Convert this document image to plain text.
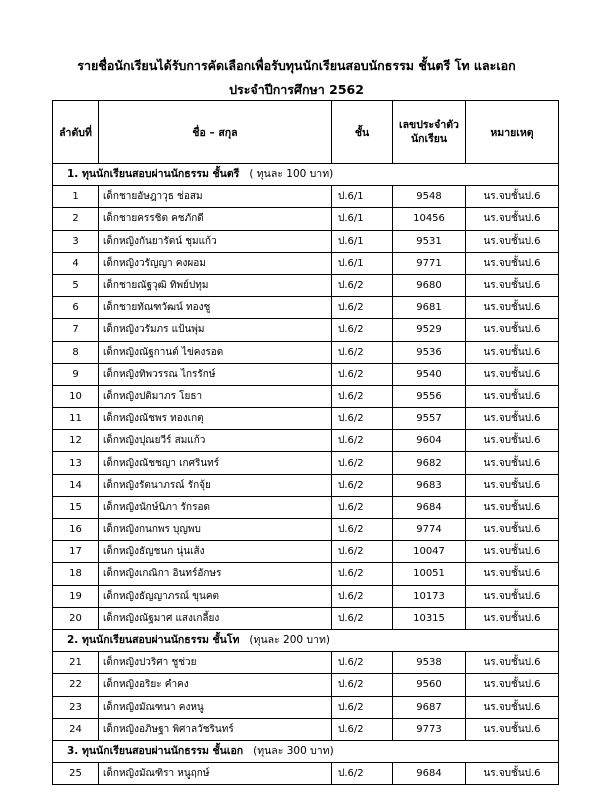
รายชื่อนักเรียนได้รับการคัดเลือกเพื่อรับทุนนักเรียนสอบนักธรรม ชั้นตรี โท และเอก
ประจำปีการศึกษา 2562
ลำดับที่	ชื่อ – สกุล	ชั้น	เลขประจำตัวนักเรียน	หมายเหตุ
1. ทุนนักเรียนสอบผ่านนักธรรม ชั้นตรี ( ทุนละ 100 บาท)				
1	เด็กชายอัษฎาวุธ ช่อสม	ป.6/1	9548	นร.จบชั้นป.6
2	เด็กชายครรชิต คชภักดี	ป.6/1	10456	นร.จบชั้นป.6
3	เด็กหญิงกันยารัตน์ ชุมแก้ว	ป.6/1	9531	นร.จบชั้นป.6
4	เด็กหญิงวรัญญา คงผอม	ป.6/1	9771	นร.จบชั้นป.6
5	เด็กชายณัฐวุฒิ ทิพย์ปทุม	ป.6/2	9680	นร.จบชั้นป.6
6	เด็กชายทัณฑวัฒน์ ทองชู	ป.6/2	9681	นร.จบชั้นป.6
7	เด็กหญิงวรัมภร แป้นพุ่ม	ป.6/2	9529	นร.จบชั้นป.6
8	เด็กหญิงณัฐกานต์ ไข่คงรอด	ป.6/2	9536	นร.จบชั้นป.6
9	เด็กหญิงทิพวรรณ ไกรรักษ์	ป.6/2	9540	นร.จบชั้นป.6
10	เด็กหญิงปติมาภร โยธา	ป.6/2	9556	นร.จบชั้นป.6
11	เด็กหญิงณัชพร ทองเกตุ	ป.6/2	9557	นร.จบชั้นป.6
12	เด็กหญิงปุณยวีร์ สมแก้ว	ป.6/2	9604	นร.จบชั้นป.6
13	เด็กหญิงณัชชญา เกศรินทร์	ป.6/2	9682	นร.จบชั้นป.6
14	เด็กหญิงรัตนาภรณ์ รักจุ้ย	ป.6/2	9683	นร.จบชั้นป.6
15	เด็กหญิงนักษ์นิภา รักรอด	ป.6/2	9684	นร.จบชั้นป.6
16	เด็กหญิงกนกพร บุญพบ	ป.6/2	9774	นร.จบชั้นป.6
17	เด็กหญิงธัญชนก นุ่นเส้ง	ป.6/2	10047	นร.จบชั้นป.6
18	เด็กหญิงเกณิกา อินทร์อักษร	ป.6/2	10051	นร.จบชั้นป.6
19	เด็กหญิงธัญญาภรณ์ ขุนคต	ป.6/2	10173	นร.จบชั้นป.6
20	เด็กหญิงณัฐมาศ แสงเกลี้ยง	ป.6/2	10315	นร.จบชั้นป.6
2. ทุนนักเรียนสอบผ่านนักธรรม ชั้นโท (ทุนละ 200 บาท)				
21	เด็กหญิงปวริศา ชูช่วย	ป.6/2	9538	นร.จบชั้นป.6
22	เด็กหญิงอริยะ คำคง	ป.6/2	9560	นร.จบชั้นป.6
23	เด็กหญิงมัณฑนา คงหนู	ป.6/2	9687	นร.จบชั้นป.6
24	เด็กหญิงอภิษฐา พิศาลวัชรินทร์	ป.6/2	9773	นร.จบชั้นป.6
3. ทุนนักเรียนสอบผ่านนักธรรม ชั้นเอก (ทุนละ 300 บาท)				
25	เด็กหญิงมัณฑิรา หนูฤกษ์	ป.6/2	9684	นร.จบชั้นป.6
